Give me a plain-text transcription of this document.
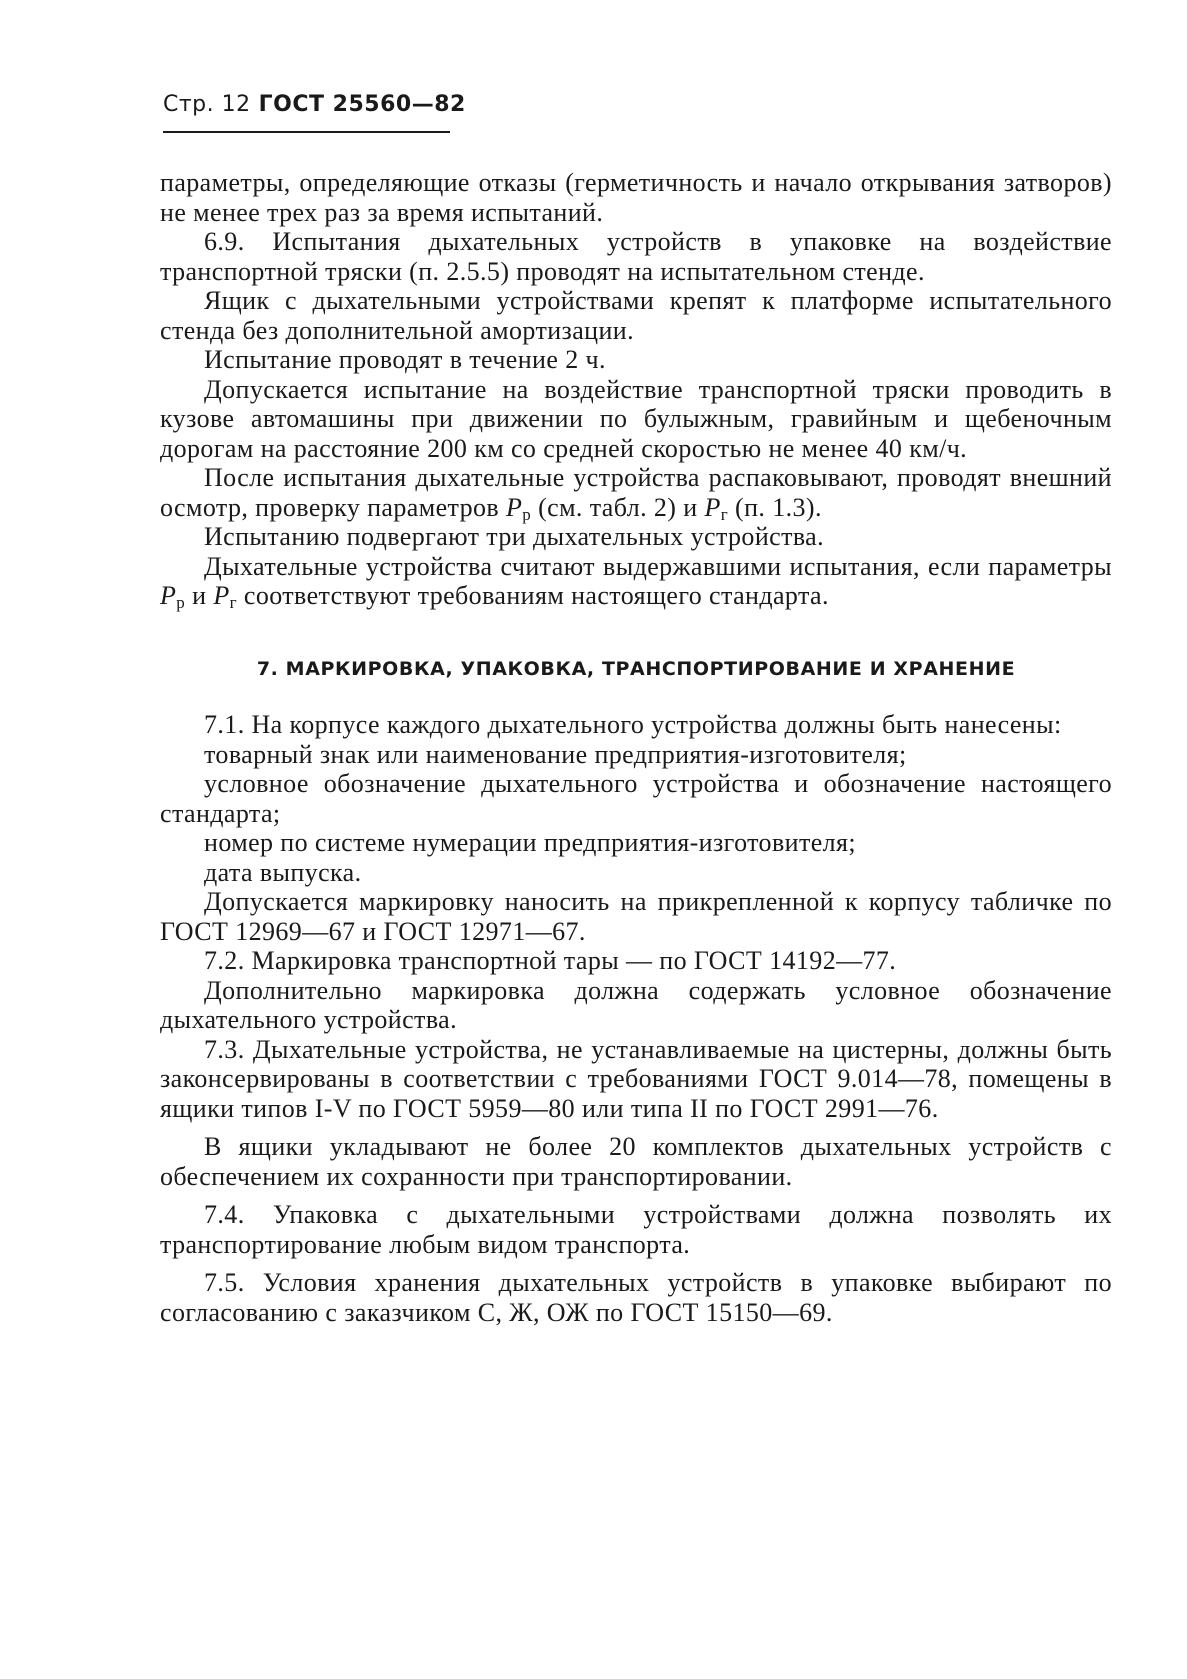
Стр. 12 ГОСТ 25560—82

параметры, определяющие отказы (герметичность и начало открывания затворов) не менее трех раз за время испытаний.

6.9. Испытания дыхательных устройств в упаковке на воздействие транспортной тряски (п. 2.5.5) проводят на испытательном стенде.

Ящик с дыхательными устройствами крепят к платформе испытательного стенда без дополнительной амортизации.

Испытание проводят в течение 2 ч.

Допускается испытание на воздействие транспортной тряски проводить в кузове автомашины при движении по булыжным, гравийным и щебеночным дорогам на расстояние 200 км со средней скоростью не менее 40 км/ч.

После испытания дыхательные устройства распаковывают, проводят внешний осмотр, проверку параметров $P_р$ (см. табл. 2) и $P_г$ (п. 1.3).

Испытанию подвергают три дыхательных устройства.

Дыхательные устройства считают выдержавшими испытания, если параметры $P_р$ и $P_г$ соответствуют требованиям настоящего стандарта.

7. МАРКИРОВКА, УПАКОВКА, ТРАНСПОРТИРОВАНИЕ И ХРАНЕНИЕ

7.1. На корпусе каждого дыхательного устройства должны быть нанесены:

товарный знак или наименование предприятия-изготовителя;

условное обозначение дыхательного устройства и обозначение настоящего стандарта;

номер по системе нумерации предприятия-изготовителя;

дата выпуска.

Допускается маркировку наносить на прикрепленной к корпусу табличке по ГОСТ 12969—67 и ГОСТ 12971—67.

7.2. Маркировка транспортной тары — по ГОСТ 14192—77.

Дополнительно маркировка должна содержать условное обозначение дыхательного устройства.

7.3. Дыхательные устройства, не устанавливаемые на цистерны, должны быть законсервированы в соответствии с требованиями ГОСТ 9.014—78, помещены в ящики типов I-V по ГОСТ 5959—80 или типа II по ГОСТ 2991—76.

В ящики укладывают не более 20 комплектов дыхательных устройств с обеспечением их сохранности при транспортировании.

7.4. Упаковка с дыхательными устройствами должна позволять их транспортирование любым видом транспорта.

7.5. Условия хранения дыхательных устройств в упаковке выбирают по согласованию с заказчиком С, Ж, ОЖ по ГОСТ 15150—69.
